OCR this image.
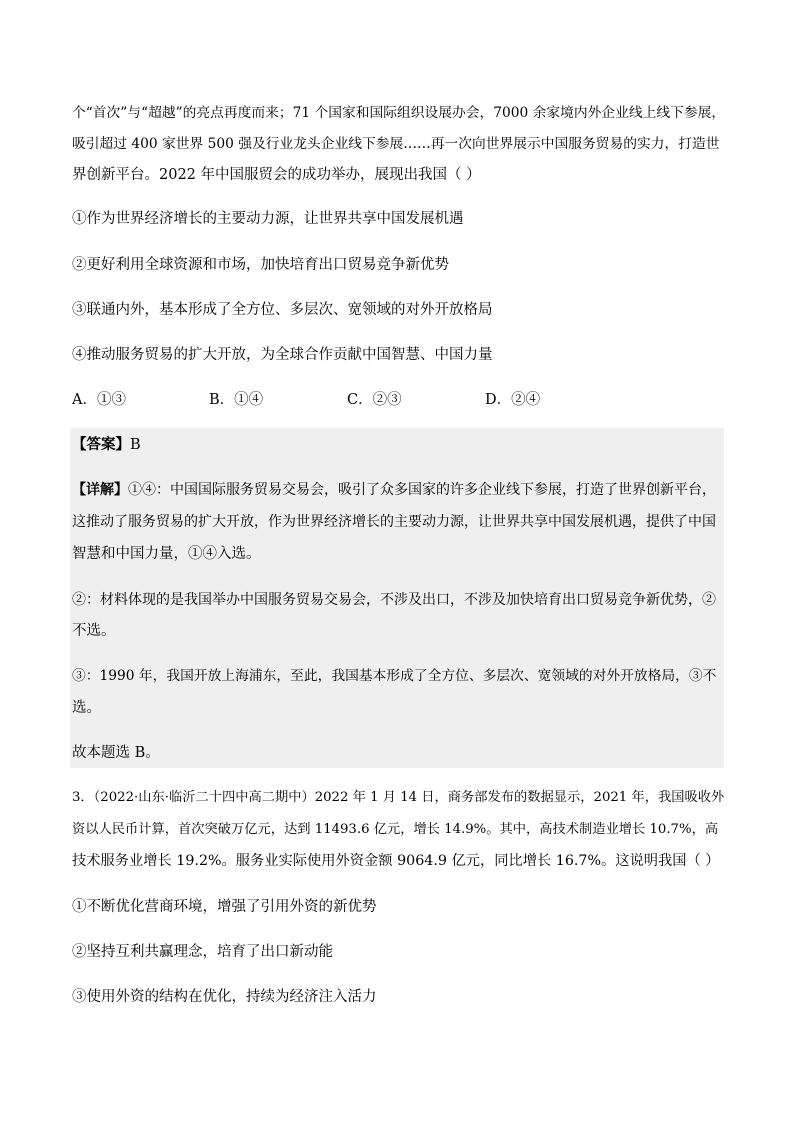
个“首次”与“超越”的亮点再度而来；71 个国家和国际组织设展办会，7000 余家境内外企业线上线下参展，
吸引超过 400 家世界 500 强及行业龙头企业线下参展……再一次向世界展示中国服务贸易的实力，打造世
界创新平台。2022 年中国服贸会的成功举办，展现出我国（ ）
①作为世界经济增长的主要动力源，让世界共享中国发展机遇
②更好利用全球资源和市场，加快培育出口贸易竞争新优势
③联通内外，基本形成了全方位、多层次、宽领域的对外开放格局
④推动服务贸易的扩大开放，为全球合作贡献中国智慧、中国力量
A．①③	B．①④	C．②③	D．②④
【答案】B
【详解】①④：中国国际服务贸易交易会，吸引了众多国家的许多企业线下参展，打造了世界创新平台，
这推动了服务贸易的扩大开放，作为世界经济增长的主要动力源，让世界共享中国发展机遇，提供了中国
智慧和中国力量，①④入选。
②：材料体现的是我国举办中国服务贸易交易会，不涉及出口，不涉及加快培育出口贸易竞争新优势，②
不选。
③：1990 年，我国开放上海浦东，至此，我国基本形成了全方位、多层次、宽领域的对外开放格局，③不
选。
故本题选 B。
3．（2022·山东·临沂二十四中高二期中）2022 年 1 月 14 日，商务部发布的数据显示，2021 年，我国吸收外
资以人民币计算，首次突破万亿元，达到 11493.6 亿元，增长 14.9%。其中，高技术制造业增长 10.7%，高
技术服务业增长 19.2%。服务业实际使用外资金额 9064.9 亿元，同比增长 16.7%。这说明我国（ ）
①不断优化营商环境，增强了引用外资的新优势
②坚持互利共赢理念，培育了出口新动能
③使用外资的结构在优化，持续为经济注入活力
